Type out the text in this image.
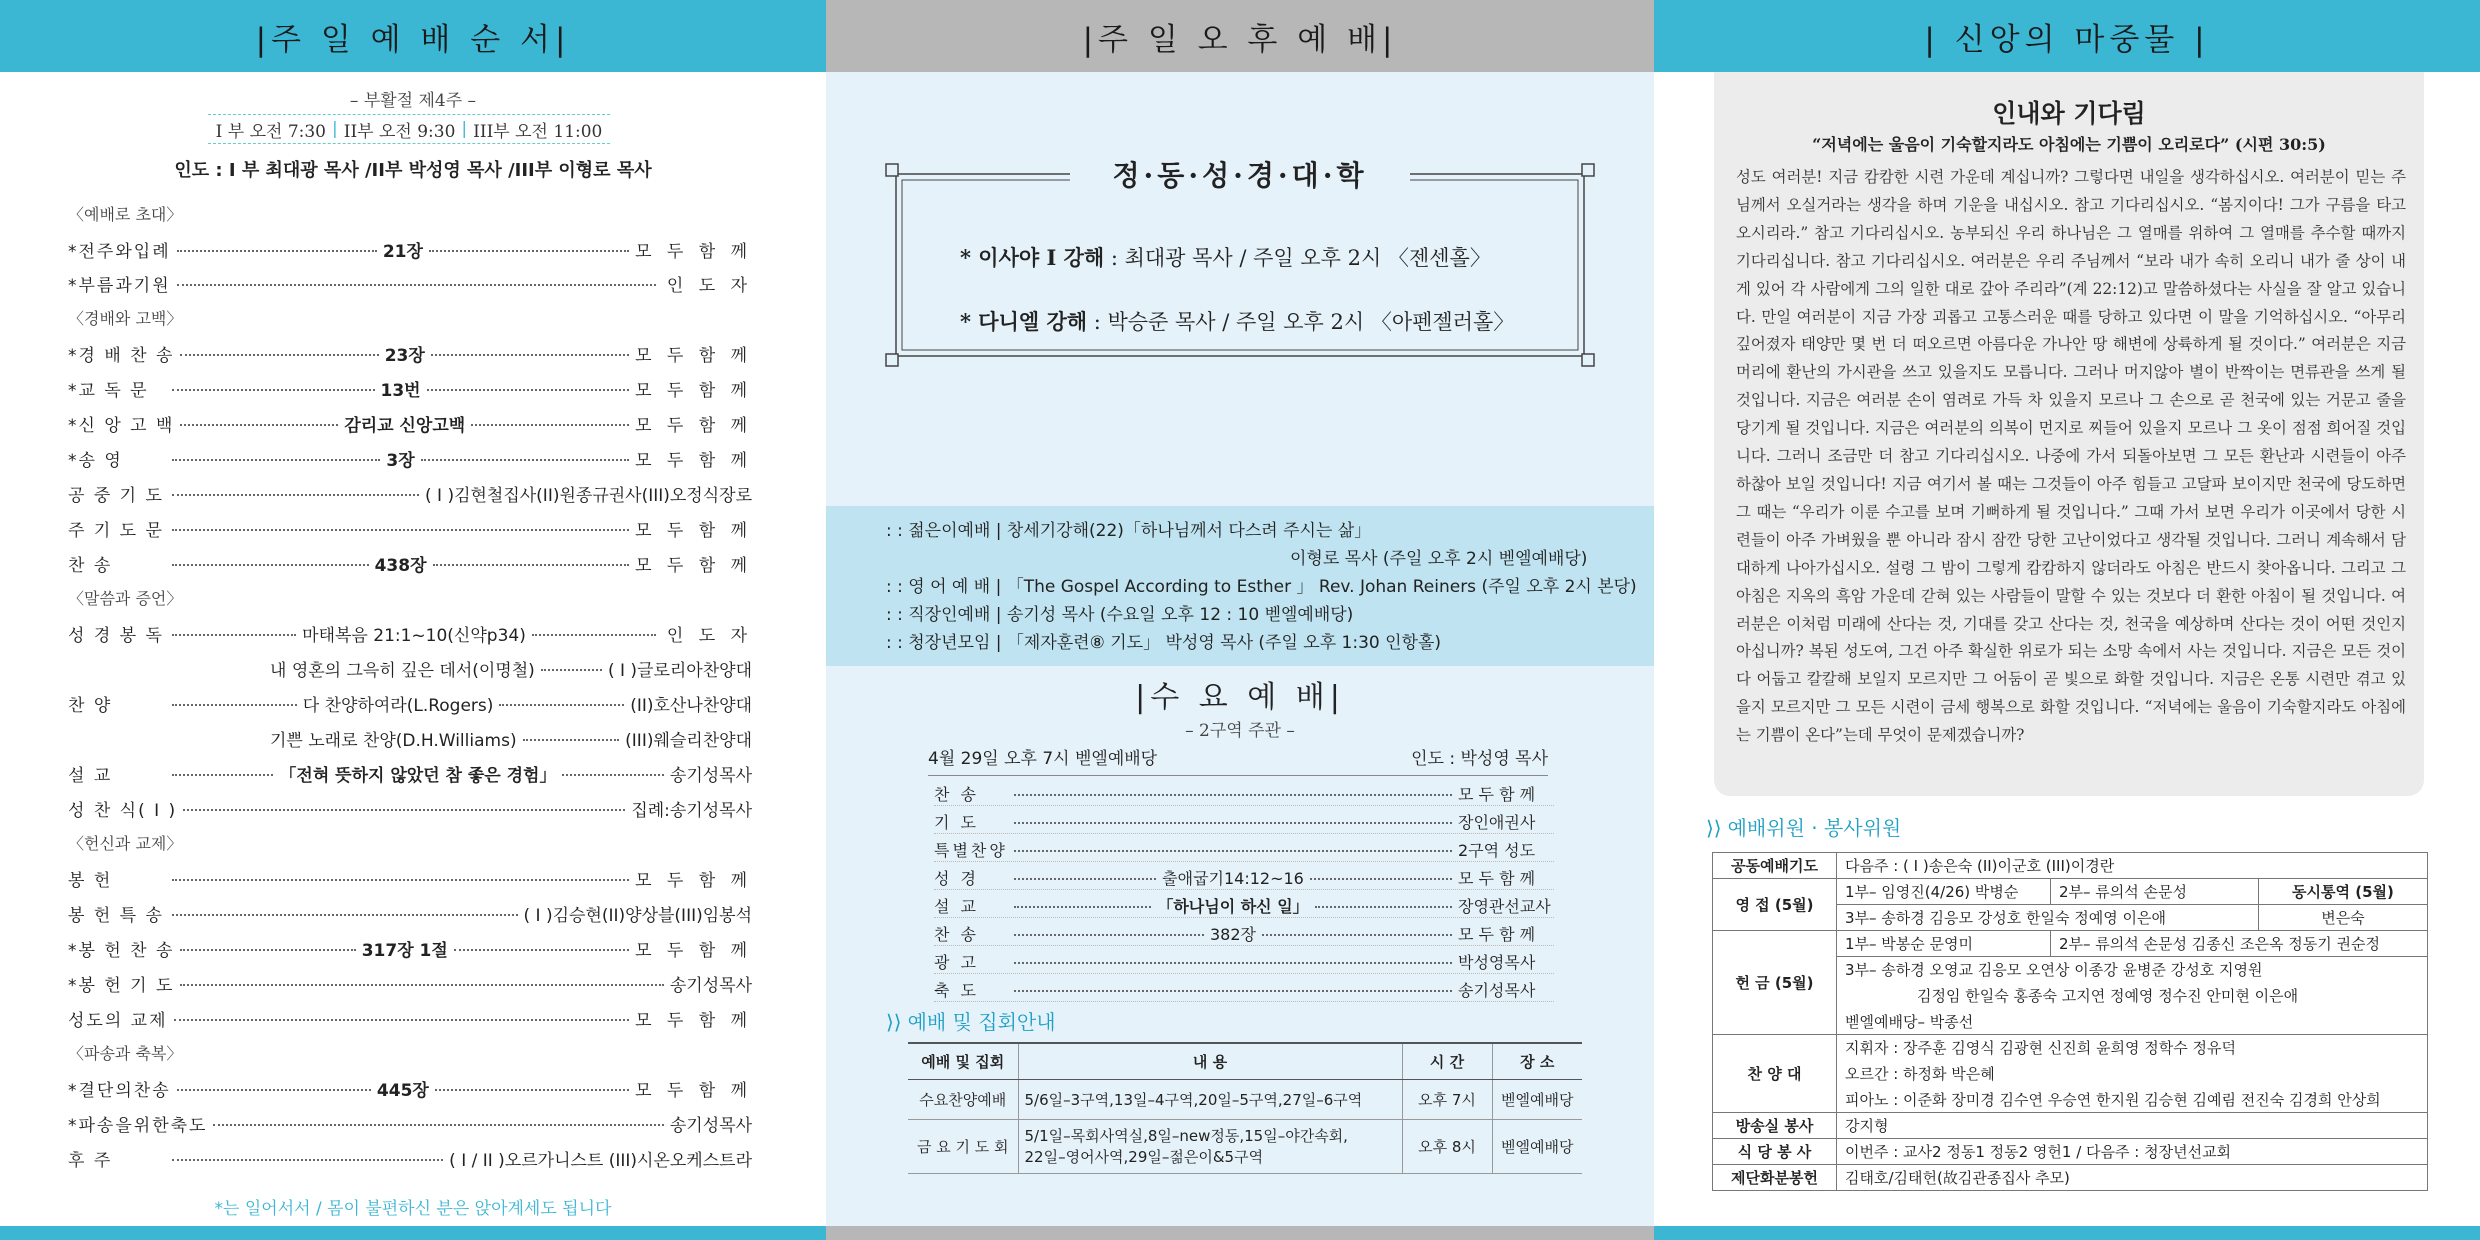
|주 일 예 배 순 서|
– 부활절 제4주 –
I 부 오전 7:30 | II부 오전 9:30 | III부 오전 11:00
인도 : I 부 최대광 목사 /II부 박성영 목사 /III부 이형로 목사
〈예배로 초대〉
*전주와입례	21장	모 두 함 께
*부름과기원	인 도 자
〈경배와 고백〉
*경 배 찬 송	23장	모 두 함 께
*교 독 문	13번	모 두 함 께
*신 앙 고 백	감리교 신앙고백	모 두 함 께
*송 영	3장	모 두 함 께
공 중 기 도	( I )김현철집사(II)원종규권사(III)오정식장로
주 기 도 문	모 두 함 께
찬 송	438장	모 두 함 께
〈말씀과 증언〉
성 경 봉 독	마태복음 21:1~10(신약p34)	인 도 자
내 영혼의 그윽히 깊은 데서(이명철)	( I )글로리아찬양대
찬 양	다 찬양하여라(L.Rogers)	(II)호산나찬양대
기쁜 노래로 찬양(D.H.Williams)	(III)웨슬리찬양대
설 교	「전혀 뜻하지 않았던 참 좋은 경험」	송기성목사
성 찬 식( I )	집례:송기성목사
〈헌신과 교제〉
봉 헌	모 두 함 께
봉 헌 특 송	( I )김승현(II)양상블(III)임봉석
*봉 헌 찬 송	317장 1절	모 두 함 께
*봉 헌 기 도	송기성목사
성도의 교제	모 두 함 께
〈파송과 축복〉
*결단의찬송	445장	모 두 함 께
*파송을위한축도	송기성목사
후 주	( I / II )오르가니스트 (III)시온오케스트라
*는 일어서서 / 몸이 불편하신 분은 앉아계세도 됩니다
|주 일 오 후 예 배|
정·동·성·경·대·학
* 이사야 I 강해 : 최대광 목사 / 주일 오후 2시 〈젠센홀〉
* 다니엘 강해 : 박승준 목사 / 주일 오후 2시 〈아펜젤러홀〉
: : 젊은이예배 | 창세기강해(22)「하나님께서 다스려 주시는 삶」
이형로 목사 (주일 오후 2시 벧엘예배당)
: : 영 어 예 배 | 「The Gospel According to Esther 」 Rev. Johan Reiners (주일 오후 2시 본당)
: : 직장인예배 | 송기성 목사 (수요일 오후 12 : 10 벧엘예배당)
: : 청장년모임 | 「제자훈련⑧ 기도」 박성영 목사 (주일 오후 1:30 인항홀)
|수 요 예 배|
– 2구역 주관 –
4월 29일 오후 7시 벧엘예배당	인도 : 박성영 목사
찬 송	모 두 함 께
기 도	장인애권사
특별찬양	2구역 성도
성 경	출애굽기14:12~16	모 두 함 께
설 교	「하나님이 하신 일」	장영관선교사
찬 송	382장	모 두 함 께
광 고	박성영목사
축 도	송기성목사
⟩⟩ 예배 및 집회안내
예배 및 집회	내 용	시 간	장 소
수요찬양예배	5/6일–3구역,13일–4구역,20일–5구역,27일–6구역	오후 7시	벧엘예배당
금 요 기 도 회	5/1일–목회사역실,8일–new정동,15일–야간속회,
22일–영어사역,29일–젊은이&5구역	오후 8시	벧엘예배당
| 신앙의 마중물 |
인내와 기다림
“저녁에는 울음이 기숙할지라도 아침에는 기쁨이 오리로다” (시편 30:5)
성도 여러분! 지금 캄캄한 시련 가운데 계십니까? 그렇다면 내일을 생각하십시오. 여러분이 믿는 주님께서 오실거라는 생각을 하며 기운을 내십시오. 참고 기다리십시오. “봄지이다! 그가 구름을 타고 오시리라.” 참고 기다리십시오. 농부되신 우리 하나님은 그 열매를 위하여 그 열매를 추수할 때까지 기다리십니다. 참고 기다리십시오. 여러분은 우리 주님께서 “보라 내가 속히 오리니 내가 줄 상이 내게 있어 각 사람에게 그의 일한 대로 갚아 주리라”(계 22:12)고 말씀하셨다는 사실을 잘 알고 있습니다. 만일 여러분이 지금 가장 괴롭고 고통스러운 때를 당하고 있다면 이 말을 기억하십시오. “아무리 깊어졌자 태양만 몇 번 더 떠오르면 아름다운 가나안 땅 해변에 상륙하게 될 것이다.” 여러분은 지금 머리에 환난의 가시관을 쓰고 있을지도 모릅니다. 그러나 머지않아 별이 반짝이는 면류관을 쓰게 될 것입니다. 지금은 여러분 손이 염려로 가득 차 있을지 모르나 그 손으로 곧 천국에 있는 거문고 줄을 당기게 될 것입니다. 지금은 여러분의 의복이 먼지로 찌들어 있을지 모르나 그 옷이 점점 희어질 것입니다. 그러니 조금만 더 참고 기다리십시오. 나중에 가서 되돌아보면 그 모든 환난과 시련들이 아주 하찮아 보일 것입니다! 지금 여기서 볼 때는 그것들이 아주 힘들고 고달파 보이지만 천국에 당도하면 그 때는 “우리가 이룬 수고를 보며 기뻐하게 될 것입니다.” 그때 가서 보면 우리가 이곳에서 당한 시련들이 아주 가벼웠을 뿐 아니라 잠시 잠깐 당한 고난이었다고 생각될 것입니다. 그러니 계속해서 담대하게 나아가십시오. 설령 그 밤이 그렇게 캄캄하지 않더라도 아침은 반드시 찾아옵니다. 그리고 그 아침은 지옥의 흑암 가운데 갇혀 있는 사람들이 말할 수 있는 것보다 더 환한 아침이 될 것입니다. 여러분은 이처럼 미래에 산다는 것, 기대를 갖고 산다는 것, 천국을 예상하며 산다는 것이 어떤 것인지 아십니까? 복된 성도여, 그건 아주 확실한 위로가 되는 소망 속에서 사는 것입니다. 지금은 모든 것이 다 어둡고 칼칼해 보일지 모르지만 그 어둠이 곧 빛으로 화할 것입니다. 지금은 온통 시련만 겪고 있을지 모르지만 그 모든 시련이 금세 행복으로 화할 것입니다. “저녁에는 울음이 기숙할지라도 아침에는 기쁨이 온다”는데 무엇이 문제겠습니까?
⟩⟩ 예배위원 · 봉사위원
공동예배기도	다음주 : ( I )송은숙 (II)이군호 (III)이경란		
영 접 (5월)	1부– 임영진(4/26) 박병순	2부– 류의석 손문성	동시통역 (5월)
	3부– 송하경 김응모 강성호 한일숙 정예영 이은애		변은숙
헌 금 (5월)	1부– 박봉순 문영미	2부– 류의석 손문성 김종신 조은옥 정동기 권순정	
	3부– 송하경 오영교 김응모 오연상 이종강 윤병준 강성호 지영원		
	김정임 한일숙 홍종숙 고지연 정예영 정수진 안미현 이은애		
	벧엘예배당– 박종선		
찬 양 대	지휘자 : 장주훈 김영식 김광현 신진희 윤희영 정학수 정유덕		
	오르간 : 하정화 박은혜		
	피아노 : 이준화 장미경 김수연 우승연 한지원 김승현 김예림 전진숙 김경희 안상희		
방송실 봉사	강지형		
식 당 봉 사	이번주 : 교사2 정동1 정동2 영헌1 / 다음주 : 청장년선교회		
제단화분봉헌	김태호/김태헌(故김관종집사 추모)		
